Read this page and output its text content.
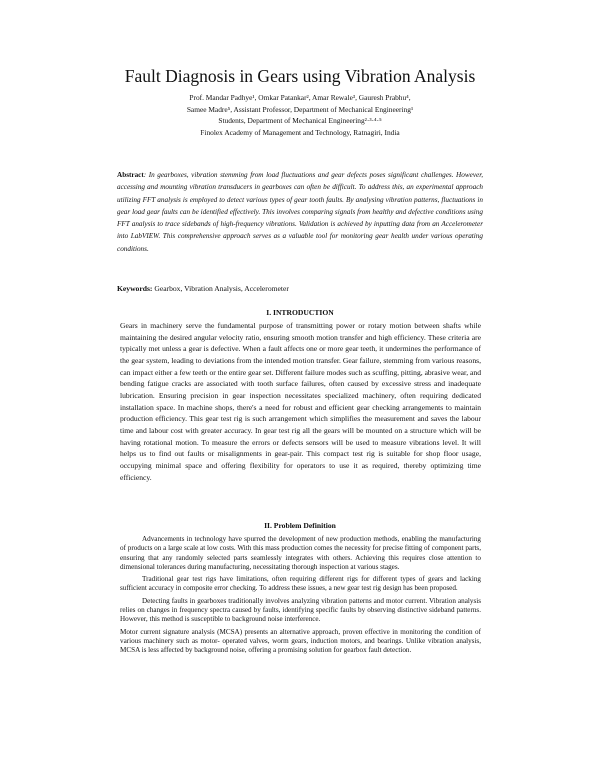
Fault Diagnosis in Gears using Vibration Analysis

Prof. Mandar Padhye¹, Omkar Patankar², Amar Rewale³, Gauresh Prabhu⁴,

Samee Madre⁵, Assistant Professor, Department of Mechanical Engineering¹

Students, Department of Mechanical Engineering²·³·⁴·⁵

Finolex Academy of Management and Technology, Ratnagiri, India

Abstract: In gearboxes, vibration stemming from load fluctuations and gear defects poses significant challenges. However, accessing and mounting vibration transducers in gearboxes can often be difficult. To address this, an experimental approach utilizing FFT analysis is employed to detect various types of gear tooth faults. By analysing vibration patterns, fluctuations in gear load gear faults can be identified effectively. This involves comparing signals from healthy and defective conditions using FFT analysis to trace sidebands of high-frequency vibrations. Validation is achieved by inputting data from an Accelerometer into LabVIEW. This comprehensive approach serves as a valuable tool for monitoring gear health under various operating conditions.

Keywords: Gearbox, Vibration Analysis, Accelerometer

I. INTRODUCTION

Gears in machinery serve the fundamental purpose of transmitting power or rotary motion between shafts while maintaining the desired angular velocity ratio, ensuring smooth motion transfer and high efficiency. These criteria are typically met unless a gear is defective. When a fault affects one or more gear teeth, it undermines the performance of the gear system, leading to deviations from the intended motion transfer. Gear failure, stemming from various reasons, can impact either a few teeth or the entire gear set. Different failure modes such as scuffing, pitting, abrasive wear, and bending fatigue cracks are associated with tooth surface failures, often caused by excessive stress and inadequate lubrication. Ensuring precision in gear inspection necessitates specialized machinery, often requiring dedicated installation space. In machine shops, there's a need for robust and efficient gear checking arrangements to maintain production efficiency. This gear test rig is such arrangement which simplifies the measurement and saves the labour time and labour cost with greater accuracy. In gear test rig all the gears will be mounted on a structure which will be having rotational motion. To measure the errors or defects sensors will be used to measure vibrations level. It will helps us to find out faults or misalignments in gear-pair. This compact test rig is suitable for shop floor usage, occupying minimal space and offering flexibility for operators to use it as required, thereby optimizing time efficiency.

II. Problem Definition

Advancements in technology have spurred the development of new production methods, enabling the manufacturing of products on a large scale at low costs. With this mass production comes the necessity for precise fitting of component parts, ensuring that any randomly selected parts seamlessly integrates with others. Achieving this requires close attention to dimensional tolerances during manufacturing, necessitating thorough inspection at various stages.

Traditional gear test rigs have limitations, often requiring different rigs for different types of gears and lacking sufficient accuracy in composite error checking. To address these issues, a new gear test rig design has been proposed.

Detecting faults in gearboxes traditionally involves analyzing vibration patterns and motor current. Vibration analysis relies on changes in frequency spectra caused by faults, identifying specific faults by observing distinctive sideband patterns. However, this method is susceptible to background noise interference.

Motor current signature analysis (MCSA) presents an alternative approach, proven effective in monitoring the condition of various machinery such as motor- operated valves, worm gears, induction motors, and bearings. Unlike vibration analysis, MCSA is less affected by background noise, offering a promising solution for gearbox fault detection.
